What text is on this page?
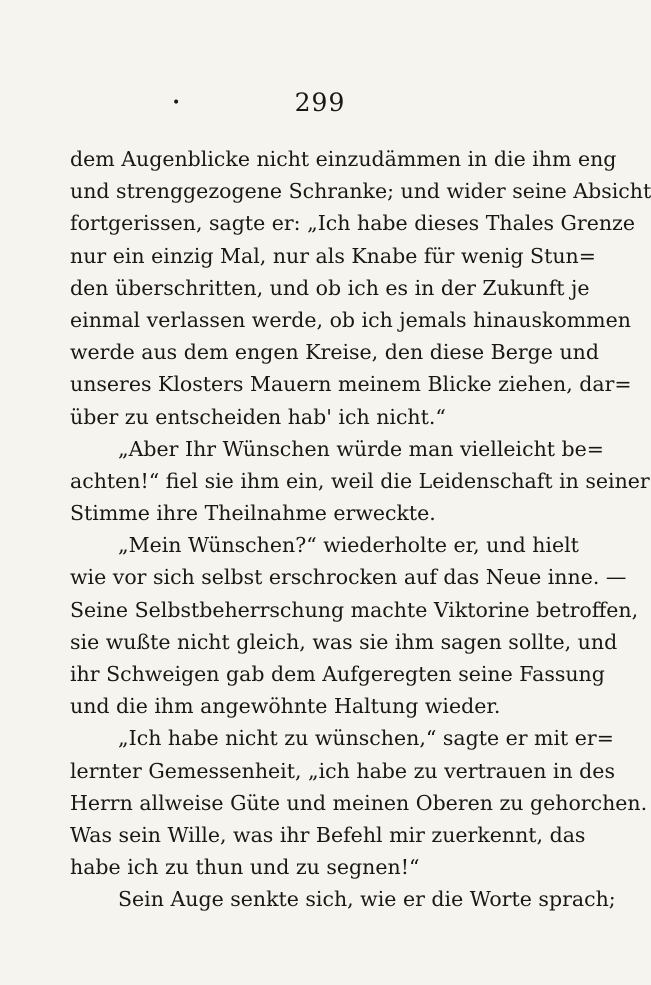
•	299
dem Augenblicke nicht einzudämmen in die ihm eng
und strenggezogene Schranke; und wider seine Absicht
fortgerissen, sagte er: „Ich habe dieses Thales Grenze
nur ein einzig Mal, nur als Knabe für wenig Stun=
den überschritten, und ob ich es in der Zukunft je
einmal verlassen werde, ob ich jemals hinauskommen
werde aus dem engen Kreise, den diese Berge und
unseres Klosters Mauern meinem Blicke ziehen, dar=
über zu entscheiden hab' ich nicht.“
„Aber Ihr Wünschen würde man vielleicht be=
achten!“ fiel sie ihm ein, weil die Leidenschaft in seiner
Stimme ihre Theilnahme erweckte.
„Mein Wünschen?“ wiederholte er, und hielt
wie vor sich selbst erschrocken auf das Neue inne. —
Seine Selbstbeherrschung machte Viktorine betroffen,
sie wußte nicht gleich, was sie ihm sagen sollte, und
ihr Schweigen gab dem Aufgeregten seine Fassung
und die ihm angewöhnte Haltung wieder.
„Ich habe nicht zu wünschen,“ sagte er mit er=
lernter Gemessenheit, „ich habe zu vertrauen in des
Herrn allweise Güte und meinen Oberen zu gehorchen.
Was sein Wille, was ihr Befehl mir zuerkennt, das
habe ich zu thun und zu segnen!“
Sein Auge senkte sich, wie er die Worte sprach;
